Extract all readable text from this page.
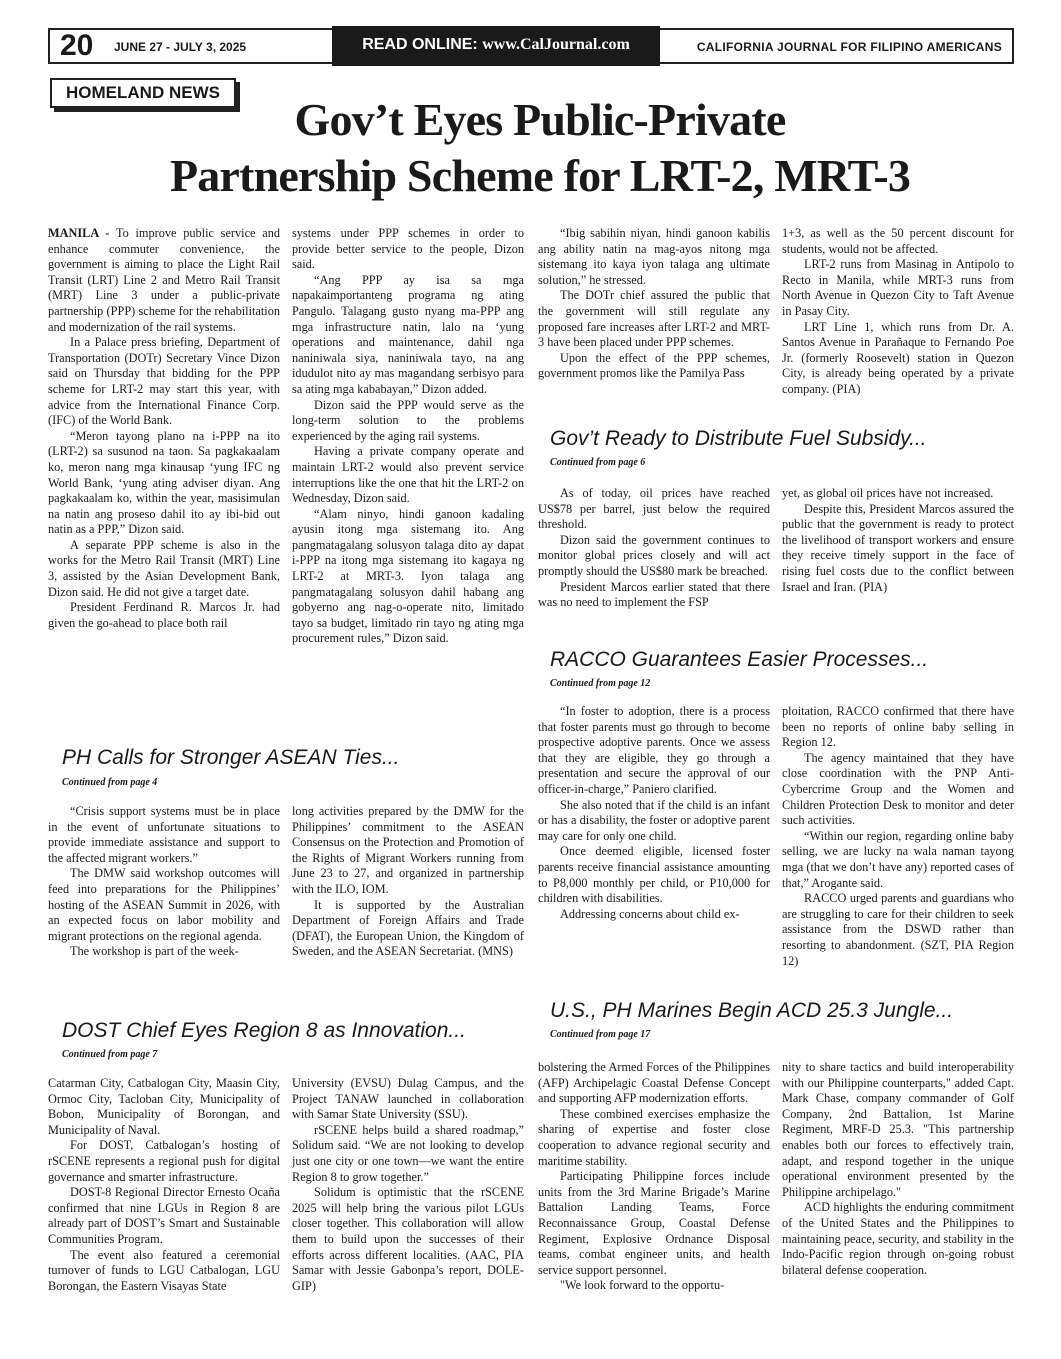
20 JUNE 27 - JULY 3, 2025	READ ONLINE: www.CalJournal.com	CALIFORNIA JOURNAL FOR FILIPINO AMERICANS
HOMELAND NEWS
Gov’t Eyes Public-Private
Partnership Scheme for LRT-2, MRT-3

MANILA - To improve public service and enhance commuter convenience, the government is aiming to place the Light Rail Transit (LRT) Line 2 and Metro Rail Transit (MRT) Line 3 under a public-private partnership (PPP) scheme for the rehabilitation and modernization of the rail systems.

In a Palace press briefing, Department of Transportation (DOTr) Secretary Vince Dizon said on Thursday that bidding for the PPP scheme for LRT-2 may start this year, with advice from the International Finance Corp. (IFC) of the World Bank.

“Meron tayong plano na i-PPP na ito (LRT-2) sa susunod na taon. Sa pagkakaalam ko, meron nang mga kinausap ‘yung IFC ng World Bank, ‘yung ating adviser diyan. Ang pagkakaalam ko, within the year, masisimulan na natin ang proseso dahil ito ay ibi-bid out natin as a PPP,” Dizon said.

A separate PPP scheme is also in the works for the Metro Rail Transit (MRT) Line 3, assisted by the Asian Development Bank, Dizon said. He did not give a target date.

President Ferdinand R. Marcos Jr. had given the go-ahead to place both rail

systems under PPP schemes in order to provide better service to the people, Dizon said.

“Ang PPP ay isa sa mga napakaimportanteng programa ng ating Pangulo. Talagang gusto nyang ma-PPP ang mga infrastructure natin, lalo na ‘yung operations and maintenance, dahil nga naniniwala siya, naniniwala tayo, na ang idudulot nito ay mas magandang serbisyo para sa ating mga kababayan,” Dizon added.

Dizon said the PPP would serve as the long-term solution to the problems experienced by the aging rail systems.

Having a private company operate and maintain LRT-2 would also prevent service interruptions like the one that hit the LRT-2 on Wednesday, Dizon said.

“Alam ninyo, hindi ganoon kadaling ayusin itong mga sistemang ito. Ang pangmatagalang solusyon talaga dito ay dapat i-PPP na itong mga sistemang ito kagaya ng LRT-2 at MRT-3. Iyon talaga ang pangmatagalang solusyon dahil habang ang gobyerno ang nag-o-operate nito, limitado tayo sa budget, limitado rin tayo ng ating mga procurement rules,” Dizon said.

“Ibig sabihin niyan, hindi ganoon kabilis ang ability natin na mag-ayos nitong mga sistemang ito kaya iyon talaga ang ultimate solution,” he stressed.

The DOTr chief assured the public that the government will still regulate any proposed fare increases after LRT-2 and MRT-3 have been placed under PPP schemes.

Upon the effect of the PPP schemes, government promos like the Pamilya Pass

1+3, as well as the 50 percent discount for students, would not be affected.

LRT-2 runs from Masinag in Antipolo to Recto in Manila, while MRT-3 runs from North Avenue in Quezon City to Taft Avenue in Pasay City.

LRT Line 1, which runs from Dr. A. Santos Avenue in Parañaque to Fernando Poe Jr. (formerly Roosevelt) station in Quezon City, is already being operated by a private company. (PIA)

Gov’t Ready to Distribute Fuel Subsidy...
Continued from page 6

As of today, oil prices have reached US$78 per barrel, just below the required threshold.

Dizon said the government continues to monitor global prices closely and will act promptly should the US$80 mark be breached.

President Marcos earlier stated that there was no need to implement the FSP

yet, as global oil prices have not increased.

Despite this, President Marcos assured the public that the government is ready to protect the livelihood of transport workers and ensure they receive timely support in the face of rising fuel costs due to the conflict between Israel and Iran. (PIA)

RACCO Guarantees Easier Processes...
Continued from page 12

“In foster to adoption, there is a process that foster parents must go through to become prospective adoptive parents. Once we assess that they are eligible, they go through a presentation and secure the approval of our officer-in-charge,” Paniero clarified.

She also noted that if the child is an infant or has a disability, the foster or adoptive parent may care for only one child.

Once deemed eligible, licensed foster parents receive financial assistance amounting to P8,000 monthly per child, or P10,000 for children with disabilities.

Addressing concerns about child ex-

ploitation, RACCO confirmed that there have been no reports of online baby selling in Region 12.

The agency maintained that they have close coordination with the PNP Anti-Cybercrime Group and the Women and Children Protection Desk to monitor and deter such activities.

“Within our region, regarding online baby selling, we are lucky na wala naman tayong mga (that we don’t have any) reported cases of that,” Arogante said.

RACCO urged parents and guardians who are struggling to care for their children to seek assistance from the DSWD rather than resorting to abandonment. (SZT, PIA Region 12)

PH Calls for Stronger ASEAN Ties...
Continued from page 4

“Crisis support systems must be in place in the event of unfortunate situations to provide immediate assistance and support to the affected migrant workers.”

The DMW said workshop outcomes will feed into preparations for the Philippines’ hosting of the ASEAN Summit in 2026, with an expected focus on labor mobility and migrant protections on the regional agenda.

The workshop is part of the week-

long activities prepared by the DMW for the Philippines’ commitment to the ASEAN Consensus on the Protection and Promotion of the Rights of Migrant Workers running from June 23 to 27, and organized in partnership with the ILO, IOM.

It is supported by the Australian Department of Foreign Affairs and Trade (DFAT), the European Union, the Kingdom of Sweden, and the ASEAN Secretariat. (MNS)

DOST Chief Eyes Region 8 as Innovation...
Continued from page 7

Catarman City, Catbalogan City, Maasin City, Ormoc City, Tacloban City, Municipality of Bobon, Municipality of Borongan, and Municipality of Naval.

For DOST, Catbalogan’s hosting of rSCENE represents a regional push for digital governance and smarter infrastructure.

DOST-8 Regional Director Ernesto Ocaña confirmed that nine LGUs in Region 8 are already part of DOST’s Smart and Sustainable Communities Program.

The event also featured a ceremonial turnover of funds to LGU Catbalogan, LGU Borongan, the Eastern Visayas State

University (EVSU) Dulag Campus, and the Project TANAW launched in collaboration with Samar State University (SSU).

rSCENE helps build a shared roadmap,” Solidum said. “We are not looking to develop just one city or one town—we want the entire Region 8 to grow together.”

Solidum is optimistic that the rSCENE 2025 will help bring the various pilot LGUs closer together. This collaboration will allow them to build upon the successes of their efforts across different localities. (AAC, PIA Samar with Jessie Gabonpa’s report, DOLE-GIP)

U.S., PH Marines Begin ACD 25.3 Jungle...
Continued from page 17

bolstering the Armed Forces of the Philippines (AFP) Archipelagic Coastal Defense Concept and supporting AFP modernization efforts.

These combined exercises emphasize the sharing of expertise and foster close cooperation to advance regional security and maritime stability.

Participating Philippine forces include units from the 3rd Marine Brigade’s Marine Battalion Landing Teams, Force Reconnaissance Group, Coastal Defense Regiment, Explosive Ordnance Disposal teams, combat engineer units, and health service support personnel.

"We look forward to the opportu-

nity to share tactics and build interoperability with our Philippine counterparts," added Capt. Mark Chase, company commander of Golf Company, 2nd Battalion, 1st Marine Regiment, MRF-D 25.3. "This partnership enables both our forces to effectively train, adapt, and respond together in the unique operational environment presented by the Philippine archipelago."

ACD highlights the enduring commitment of the United States and the Philippines to maintaining peace, security, and stability in the Indo-Pacific region through on-going robust bilateral defense cooperation.
